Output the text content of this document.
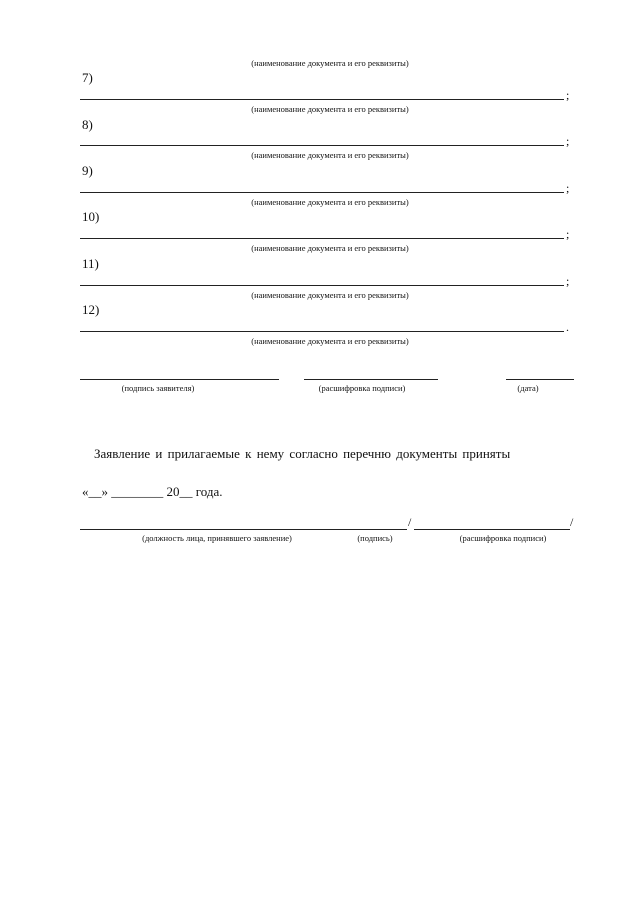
(наименование документа и его реквизиты)
7)
;
(наименование документа и его реквизиты)
8)
;
(наименование документа и его реквизиты)
9)
;
(наименование документа и его реквизиты)
10)
;
(наименование документа и его реквизиты)
11)
;
(наименование документа и его реквизиты)
12)
.
(наименование документа и его реквизиты)
(подпись заявителя)	(расшифровка подписи)	(дата)
Заявление и прилагаемые к нему согласно перечню документы приняты
«__» ________ 20__ года.
/	/
(должность лица, принявшего заявление)	(подпись)	(расшифровка подписи)
